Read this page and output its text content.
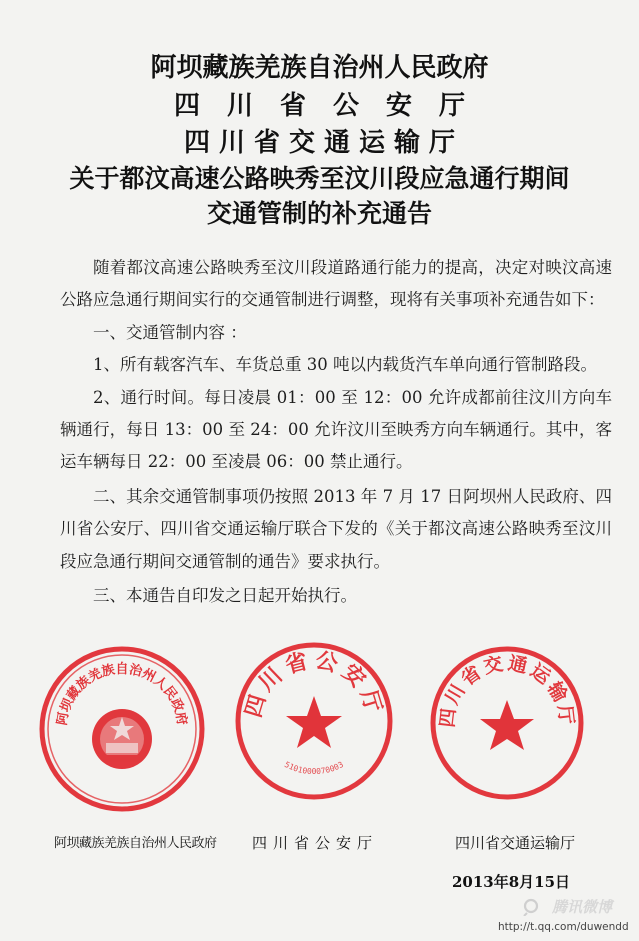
阿坝藏族羌族自治州人民政府
四川省公安厅
四川省交通运输厅
关于都汶高速公路映秀至汶川段应急通行期间
交通管制的补充通告

随着都汶高速公路映秀至汶川段道路通行能力的提高，决定对映汶高速公路应急通行期间实行的交通管制进行调整，现将有关事项补充通告如下：

一、交通管制内容 ：

1、所有载客汽车、车货总重 30 吨以内载货汽车单向通行管制路段。

2、通行时间。每日凌晨 01：00 至 12：00 允许成都前往汶川方向车辆通行，每日 13：00 至 24：00 允许汶川至映秀方向车辆通行。其中，客运车辆每日 22：00 至凌晨 06：00 禁止通行。

二、其余交通管制事项仍按照 2013 年 7 月 17 日阿坝州人民政府、四川省公安厅、四川省交通运输厅联合下发的《关于都汶高速公路映秀至汶川段应急通行期间交通管制的通告》要求执行。

三、本通告自印发之日起开始执行。

阿坝藏族羌族自治州人民政府 四川省公安厅
5101000070003
四川省交通运输厅
阿坝藏族羌族自治州人民政府 四川省公安厅	四川省交通运输厅
2013年8月15日
腾讯微博
http://t.qq.com/duwendd
